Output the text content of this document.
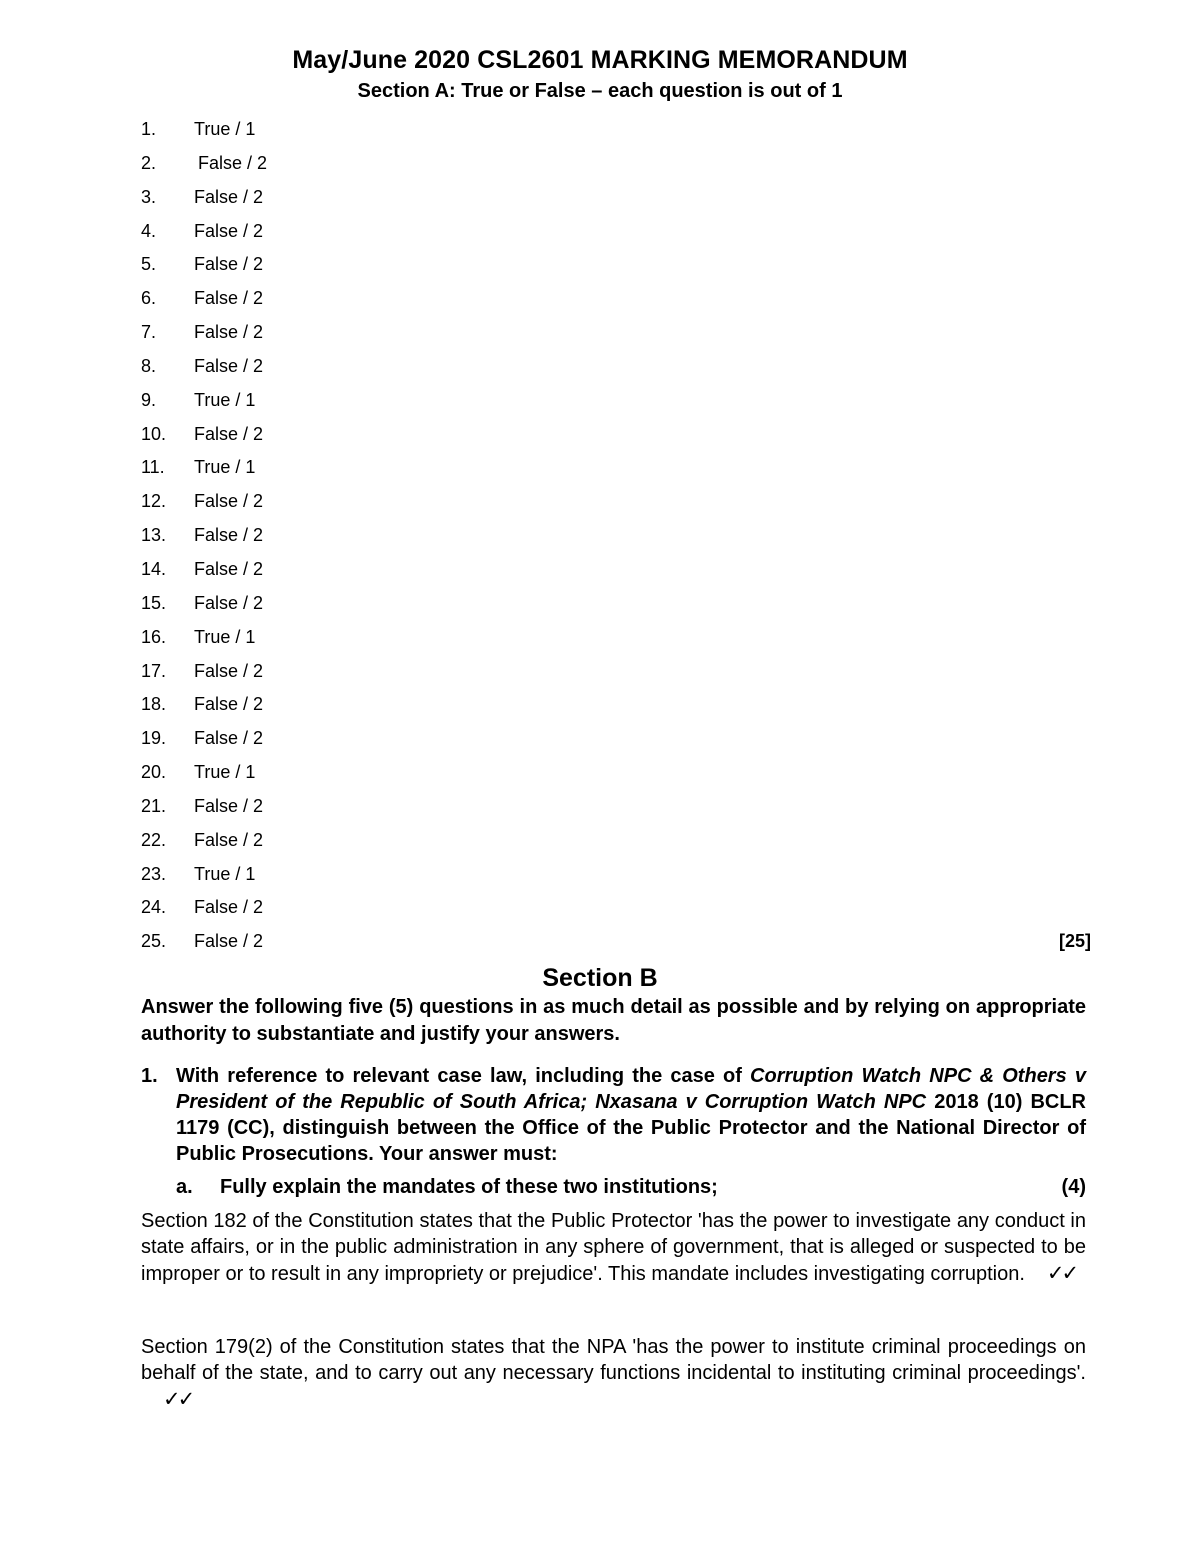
May/June 2020 CSL2601 MARKING MEMORANDUM
Section A: True or False – each question is out of 1
1. True / 1
2. False / 2
3. False / 2
4. False / 2
5. False / 2
6. False / 2
7. False / 2
8. False / 2
9. True / 1
10. False / 2
11. True / 1
12. False / 2
13. False / 2
14. False / 2
15. False / 2
16. True / 1
17. False / 2
18. False / 2
19. False / 2
20. True / 1
21. False / 2
22. False / 2
23. True / 1
24. False / 2
25. False / 2	[25]
Section B
Answer the following five (5) questions in as much detail as possible and by relying on appropriate authority to substantiate and justify your answers.
1. With reference to relevant case law, including the case of Corruption Watch NPC & Others v President of the Republic of South Africa; Nxasana v Corruption Watch NPC 2018 (10) BCLR 1179 (CC), distinguish between the Office of the Public Protector and the National Director of Public Prosecutions. Your answer must:
a. Fully explain the mandates of these two institutions;	(4)
Section 182 of the Constitution states that the Public Protector 'has the power to investigate any conduct in state affairs, or in the public administration in any sphere of government, that is alleged or suspected to be improper or to result in any impropriety or prejudice'. This mandate includes investigating corruption. ✓✓
Section 179(2) of the Constitution states that the NPA 'has the power to institute criminal proceedings on behalf of the state, and to carry out any necessary functions incidental to instituting criminal proceedings'.✓✓
